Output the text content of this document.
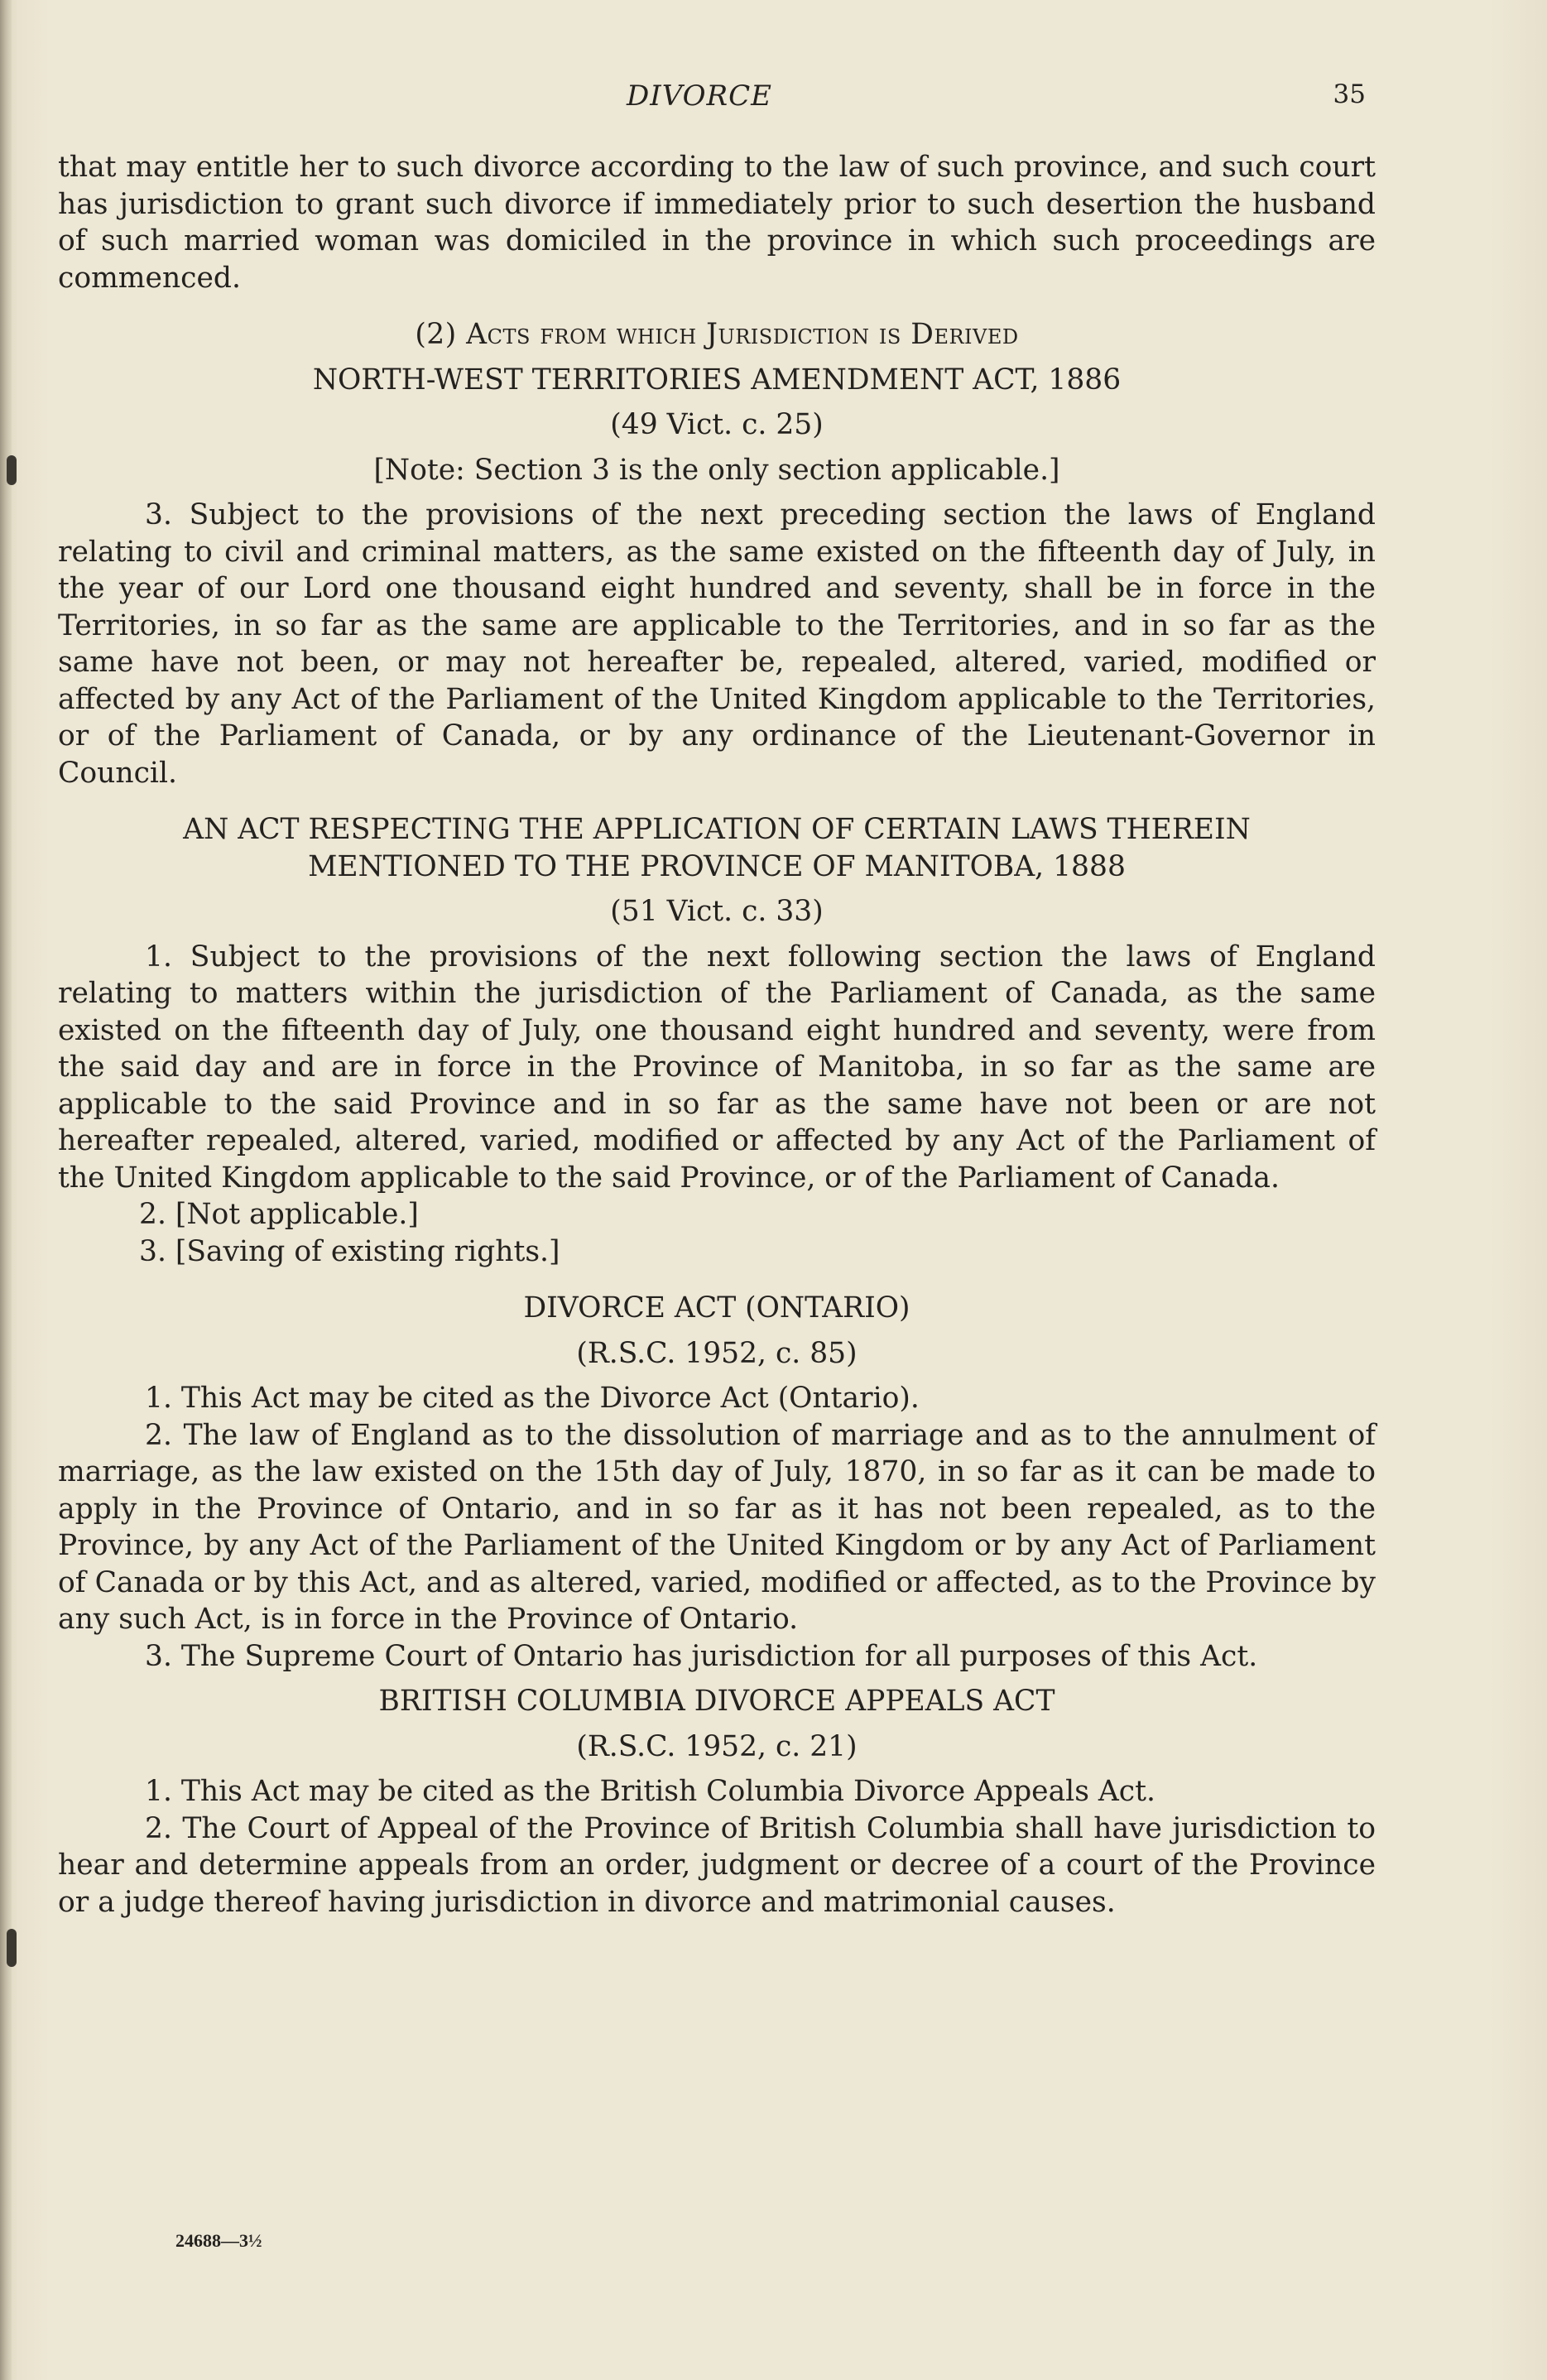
DIVORCE	35

that may entitle her to such divorce according to the law of such province, and such court has jurisdiction to grant such divorce if immediately prior to such desertion the husband of such married woman was domiciled in the province in which such proceedings are commenced.

(2) Acts from which Jurisdiction is Derived

NORTH-WEST TERRITORIES AMENDMENT ACT, 1886

(49 Vict. c. 25)

[Note: Section 3 is the only section applicable.]

3. Subject to the provisions of the next preceding section the laws of England relating to civil and criminal matters, as the same existed on the fifteenth day of July, in the year of our Lord one thousand eight hundred and seventy, shall be in force in the Territories, in so far as the same are applicable to the Territories, and in so far as the same have not been, or may not hereafter be, repealed, altered, varied, modified or affected by any Act of the Parliament of the United Kingdom applicable to the Territories, or of the Parliament of Canada, or by any ordinance of the Lieutenant-Governor in Council.

AN ACT RESPECTING THE APPLICATION OF CERTAIN LAWS THEREIN MENTIONED TO THE PROVINCE OF MANITOBA, 1888

(51 Vict. c. 33)

1. Subject to the provisions of the next following section the laws of England relating to matters within the jurisdiction of the Parliament of Canada, as the same existed on the fifteenth day of July, one thousand eight hundred and seventy, were from the said day and are in force in the Province of Manitoba, in so far as the same are applicable to the said Province and in so far as the same have not been or are not hereafter repealed, altered, varied, modified or affected by any Act of the Parliament of the United Kingdom applicable to the said Province, or of the Parliament of Canada.

2. [Not applicable.]

3. [Saving of existing rights.]

DIVORCE ACT (ONTARIO)

(R.S.C. 1952, c. 85)

1. This Act may be cited as the Divorce Act (Ontario).

2. The law of England as to the dissolution of marriage and as to the annulment of marriage, as the law existed on the 15th day of July, 1870, in so far as it can be made to apply in the Province of Ontario, and in so far as it has not been repealed, as to the Province, by any Act of the Parliament of the United Kingdom or by any Act of Parliament of Canada or by this Act, and as altered, varied, modified or affected, as to the Province by any such Act, is in force in the Province of Ontario.

3. The Supreme Court of Ontario has jurisdiction for all purposes of this Act.

BRITISH COLUMBIA DIVORCE APPEALS ACT

(R.S.C. 1952, c. 21)

1. This Act may be cited as the British Columbia Divorce Appeals Act.

2. The Court of Appeal of the Province of British Columbia shall have jurisdiction to hear and determine appeals from an order, judgment or decree of a court of the Province or a judge thereof having jurisdiction in divorce and matrimonial causes.

24688—3½
